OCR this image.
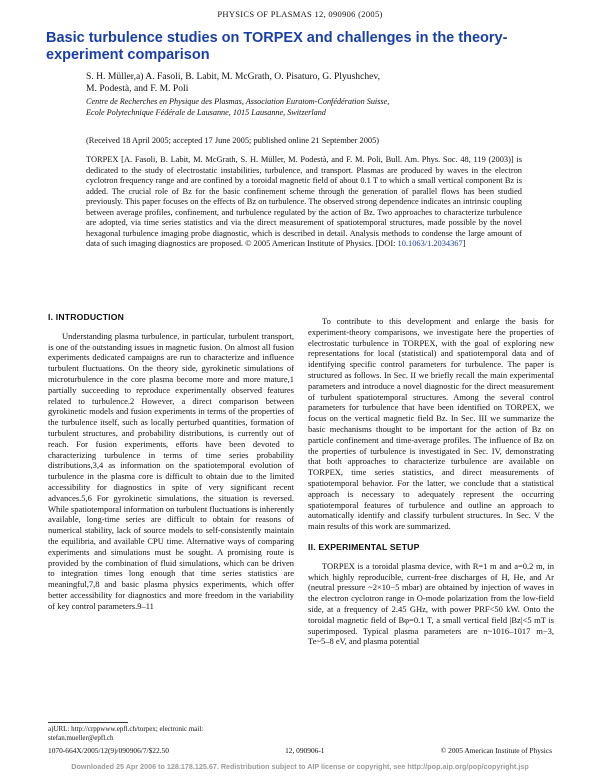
PHYSICS OF PLASMAS 12, 090906 (2005)
Basic turbulence studies on TORPEX and challenges in the theory-experiment comparison
S. H. Müller,a) A. Fasoli, B. Labit, M. McGrath, O. Pisaturo, G. Plyushchev,
M. Podestà, and F. M. Poli
Centre de Recherches en Physique des Plasmas, Association Euratom-Confédération Suisse,
Ecole Polytechnique Fédérale de Lausanne, 1015 Lausanne, Switzerland
(Received 18 April 2005; accepted 17 June 2005; published online 21 September 2005)
TORPEX [A. Fasoli, B. Labit, M. McGrath, S. H. Müller, M. Podestà, and F. M. Poli, Bull. Am. Phys. Soc. 48, 119 (2003)] is dedicated to the study of electrostatic instabilities, turbulence, and transport. Plasmas are produced by waves in the electron cyclotron frequency range and are confined by a toroidal magnetic field of about 0.1 T to which a small vertical component Bz is added. The crucial role of Bz for the basic confinement scheme through the generation of parallel flows has been studied previously. This paper focuses on the effects of Bz on turbulence. The observed strong dependence indicates an intrinsic coupling between average profiles, confinement, and turbulence regulated by the action of Bz. Two approaches to characterize turbulence are adopted, via time series statistics and via the direct measurement of spatiotemporal structures, made possible by the novel hexagonal turbulence imaging probe diagnostic, which is described in detail. Analysis methods to condense the large amount of data of such imaging diagnostics are proposed. © 2005 American Institute of Physics. [DOI: 10.1063/1.2034367]
I. INTRODUCTION

Understanding plasma turbulence, in particular, turbulent transport, is one of the outstanding issues in magnetic fusion. On almost all fusion experiments dedicated campaigns are run to characterize and influence turbulent fluctuations. On the theory side, gyrokinetic simulations of microturbulence in the core plasma become more and more mature,1 partially succeeding to reproduce experimentally observed features related to turbulence.2 However, a direct comparison between gyrokinetic models and fusion experiments in terms of the properties of the turbulence itself, such as locally perturbed quantities, formation of turbulent structures, and probability distributions, is currently out of reach. For fusion experiments, efforts have been devoted to characterizing turbulence in terms of time series probability distributions,3,4 as information on the spatiotemporal evolution of turbulence in the plasma core is difficult to obtain due to the limited accessibility for diagnostics in spite of very significant recent advances.5,6 For gyrokinetic simulations, the situation is reversed. While spatiotemporal information on turbulent fluctuations is inherently available, long-time series are difficult to obtain for reasons of numerical stability, lack of source models to self-consistently maintain the equilibria, and available CPU time. Alternative ways of comparing experiments and simulations must be sought. A promising route is provided by the combination of fluid simulations, which can be driven to integration times long enough that time series statistics are meaningful,7,8 and basic plasma physics experiments, which offer better accessibility for diagnostics and more freedom in the variability of key control parameters.9–11

To contribute to this development and enlarge the basis for experiment-theory comparisons, we investigate here the properties of electrostatic turbulence in TORPEX, with the goal of exploring new representations for local (statistical) and spatiotemporal data and of identifying specific control parameters for turbulence. The paper is structured as follows. In Sec. II we briefly recall the main experimental parameters and introduce a novel diagnostic for the direct measurement of turbulent spatiotemporal structures. Among the several control parameters for turbulence that have been identified on TORPEX, we focus on the vertical magnetic field Bz. In Sec. III we summarize the basic mechanisms thought to be important for the action of Bz on particle confinement and time-average profiles. The influence of Bz on the properties of turbulence is investigated in Sec. IV, demonstrating that both approaches to characterize turbulence are available on TORPEX, time series statistics, and direct measurements of spatiotemporal behavior. For the latter, we conclude that a statistical approach is necessary to adequately represent the occurring spatiotemporal features of turbulence and outline an approach to automatically identify and classify turbulent structures. In Sec. V the main results of this work are summarized.

II. EXPERIMENTAL SETUP

TORPEX is a toroidal plasma device, with R=1 m and a=0.2 m, in which highly reproducible, current-free discharges of H, He, and Ar (neutral pressure ~2×10−5 mbar) are obtained by injection of waves in the electron cyclotron range in O-mode polarization from the low-field side, at a frequency of 2.45 GHz, with power PRF<50 kW. Onto the toroidal magnetic field of Bφ=0.1 T, a small vertical field |Bz|<5 mT is superimposed. Typical plasma parameters are n~1016–1017 m−3, Te~5–8 eV, and plasma potential

a)URL: http://crppwww.epfl.ch/torpex; electronic mail:
stefan.mueller@epfl.ch
1070-664X/2005/12(9)/090906/7/$22.50	12, 090906-1	© 2005 American Institute of Physics
Downloaded 25 Apr 2006 to 128.178.125.67. Redistribution subject to AIP license or copyright, see http://pop.aip.org/pop/copyright.jsp
